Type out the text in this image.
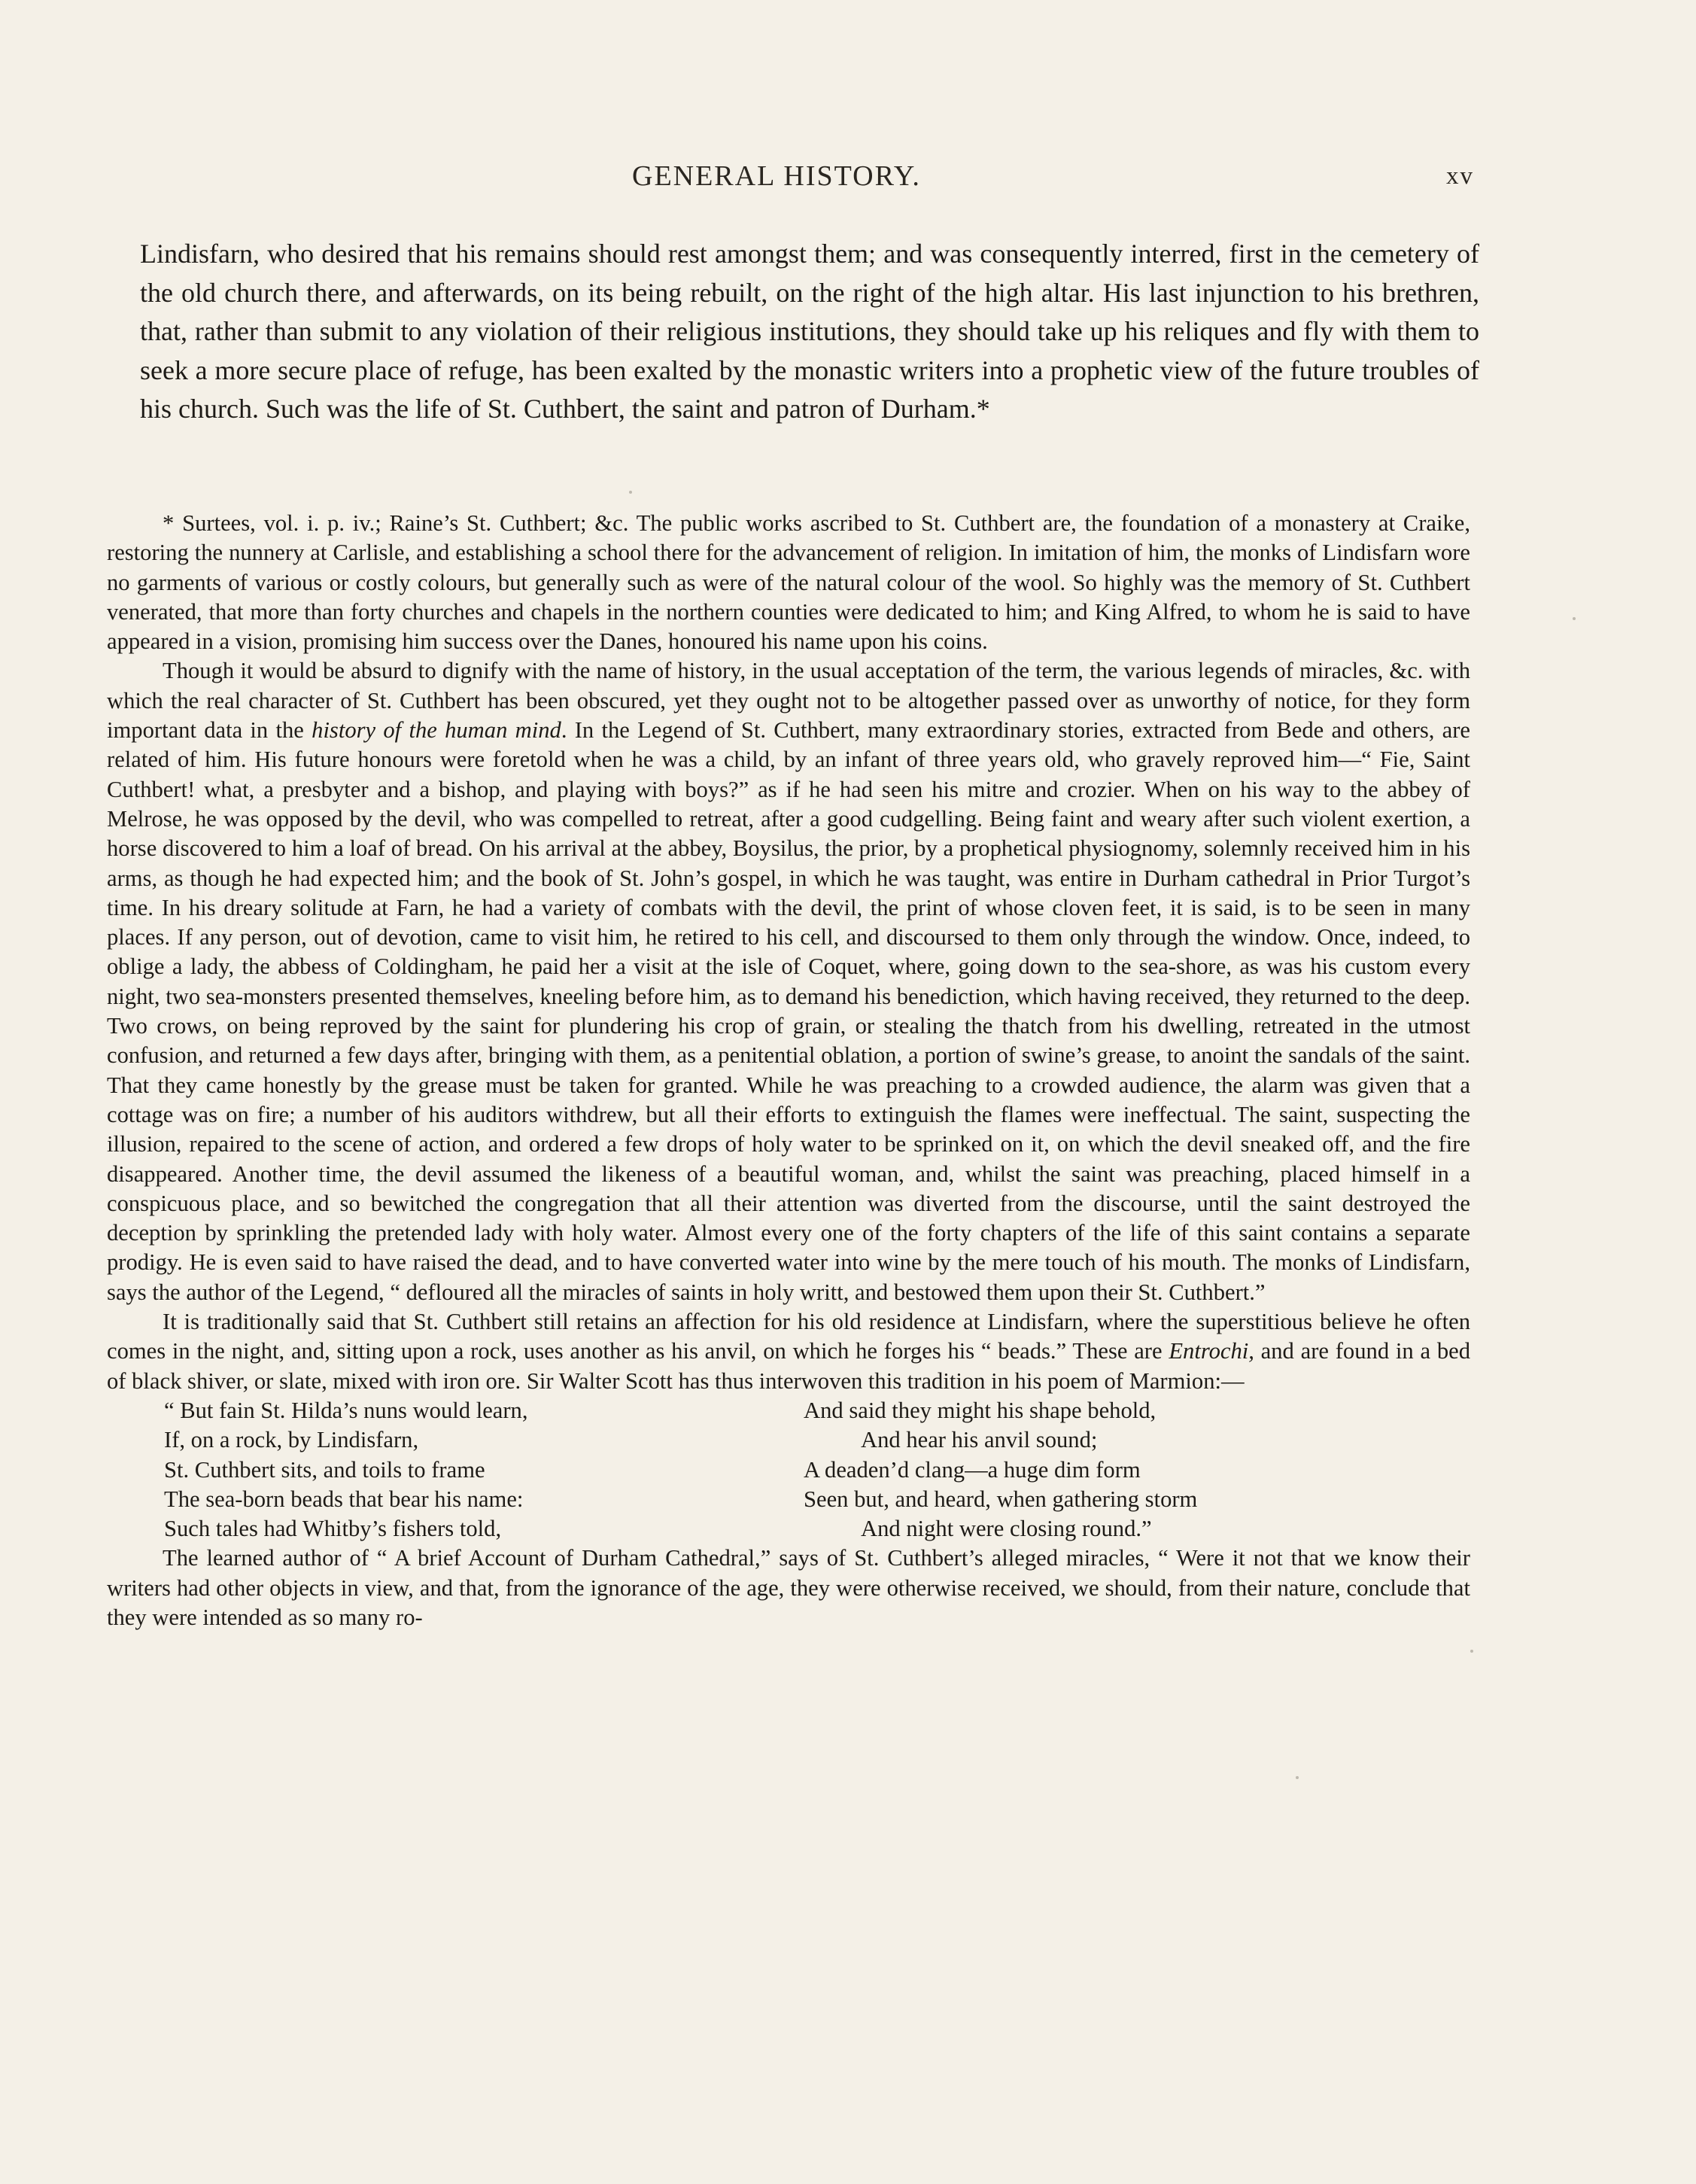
GENERAL HISTORY.	xv
Lindisfarn, who desired that his remains should rest amongst them; and was consequently interred, first in the cemetery of the old church there, and afterwards, on its being rebuilt, on the right of the high altar. His last injunction to his brethren, that, rather than submit to any violation of their religious institutions, they should take up his reliques and fly with them to seek a more secure place of refuge, has been exalted by the monastic writers into a prophetic view of the future troubles of his church. Such was the life of St. Cuthbert, the saint and patron of Durham.*

* Surtees, vol. i. p. iv.; Raine’s St. Cuthbert; &c. The public works ascribed to St. Cuthbert are, the foundation of a monastery at Craike, restoring the nunnery at Carlisle, and establishing a school there for the advancement of religion. In imitation of him, the monks of Lindisfarn wore no garments of various or costly colours, but generally such as were of the natural colour of the wool. So highly was the memory of St. Cuthbert venerated, that more than forty churches and chapels in the northern counties were dedicated to him; and King Alfred, to whom he is said to have appeared in a vision, promising him success over the Danes, honoured his name upon his coins.

Though it would be absurd to dignify with the name of history, in the usual acceptation of the term, the various legends of miracles, &c. with which the real character of St. Cuthbert has been obscured, yet they ought not to be altogether passed over as unworthy of notice, for they form important data in the history of the human mind. In the Legend of St. Cuthbert, many extraordinary stories, extracted from Bede and others, are related of him. His future honours were foretold when he was a child, by an infant of three years old, who gravely reproved him—“ Fie, Saint Cuthbert! what, a presbyter and a bishop, and playing with boys?” as if he had seen his mitre and crozier. When on his way to the abbey of Melrose, he was opposed by the devil, who was compelled to retreat, after a good cudgelling. Being faint and weary after such violent exertion, a horse discovered to him a loaf of bread. On his arrival at the abbey, Boysilus, the prior, by a prophetical physiognomy, solemnly received him in his arms, as though he had expected him; and the book of St. John’s gospel, in which he was taught, was entire in Durham cathedral in Prior Turgot’s time. In his dreary solitude at Farn, he had a variety of combats with the devil, the print of whose cloven feet, it is said, is to be seen in many places. If any person, out of devotion, came to visit him, he retired to his cell, and discoursed to them only through the window. Once, indeed, to oblige a lady, the abbess of Coldingham, he paid her a visit at the isle of Coquet, where, going down to the sea-shore, as was his custom every night, two sea-monsters presented themselves, kneeling before him, as to demand his benediction, which having received, they returned to the deep. Two crows, on being reproved by the saint for plundering his crop of grain, or stealing the thatch from his dwelling, retreated in the utmost confusion, and returned a few days after, bringing with them, as a penitential oblation, a portion of swine’s grease, to anoint the sandals of the saint. That they came honestly by the grease must be taken for granted. While he was preaching to a crowded audience, the alarm was given that a cottage was on fire; a number of his auditors withdrew, but all their efforts to extinguish the flames were ineffectual. The saint, suspecting the illusion, repaired to the scene of action, and ordered a few drops of holy water to be sprinked on it, on which the devil sneaked off, and the fire disappeared. Another time, the devil assumed the likeness of a beautiful woman, and, whilst the saint was preaching, placed himself in a conspicuous place, and so bewitched the congregation that all their attention was diverted from the discourse, until the saint destroyed the deception by sprinkling the pretended lady with holy water. Almost every one of the forty chapters of the life of this saint contains a separate prodigy. He is even said to have raised the dead, and to have converted water into wine by the mere touch of his mouth. The monks of Lindisfarn, says the author of the Legend, “ defloured all the miracles of saints in holy writt, and bestowed them upon their St. Cuthbert.”

It is traditionally said that St. Cuthbert still retains an affection for his old residence at Lindisfarn, where the superstitious believe he often comes in the night, and, sitting upon a rock, uses another as his anvil, on which he forges his “ beads.” These are Entrochi, and are found in a bed of black shiver, or slate, mixed with iron ore. Sir Walter Scott has thus interwoven this tradition in his poem of Marmion:—

“ But fain St. Hilda’s nuns would learn,
If, on a rock, by Lindisfarn,
St. Cuthbert sits, and toils to frame
The sea-born beads that bear his name:
Such tales had Whitby’s fishers told,
And said they might his shape behold,
And hear his anvil sound;
A deaden’d clang—a huge dim form
Seen but, and heard, when gathering storm
And night were closing round.”

The learned author of “ A brief Account of Durham Cathedral,” says of St. Cuthbert’s alleged miracles, “ Were it not that we know their writers had other objects in view, and that, from the ignorance of the age, they were otherwise received, we should, from their nature, conclude that they were intended as so many ro-
